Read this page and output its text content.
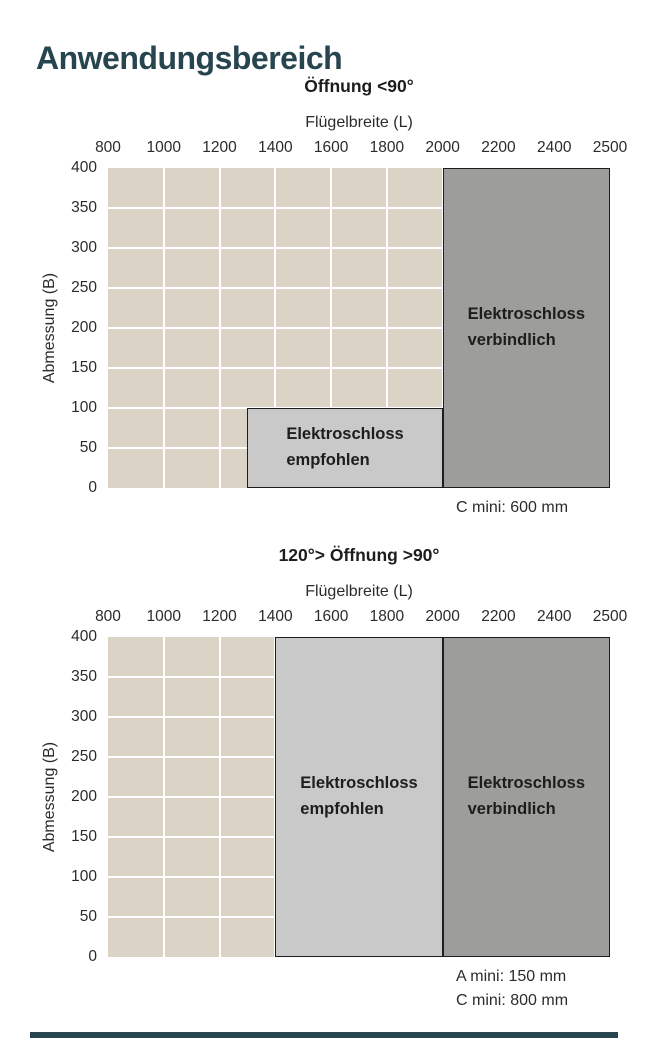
Anwendungsbereich
Öffnung <90°
Flügelbreite (L)
800 1000 1200 1400 1600 1800 2000 2200 2400 2500
Abmessung (B)
0
50
100
150
200
250
300
350
400
Elektroschloss
empfohlen
Elektroschloss
verbindlich
C mini: 600 mm
120°> Öffnung >90°
Flügelbreite (L)
800 1000 1200 1400 1600 1800 2000 2200 2400 2500
Abmessung (B)
0
50
100
150
200
250
300
350
400
Elektroschloss
empfohlen
Elektroschloss
verbindlich
A mini: 150 mm
C mini: 800 mm
